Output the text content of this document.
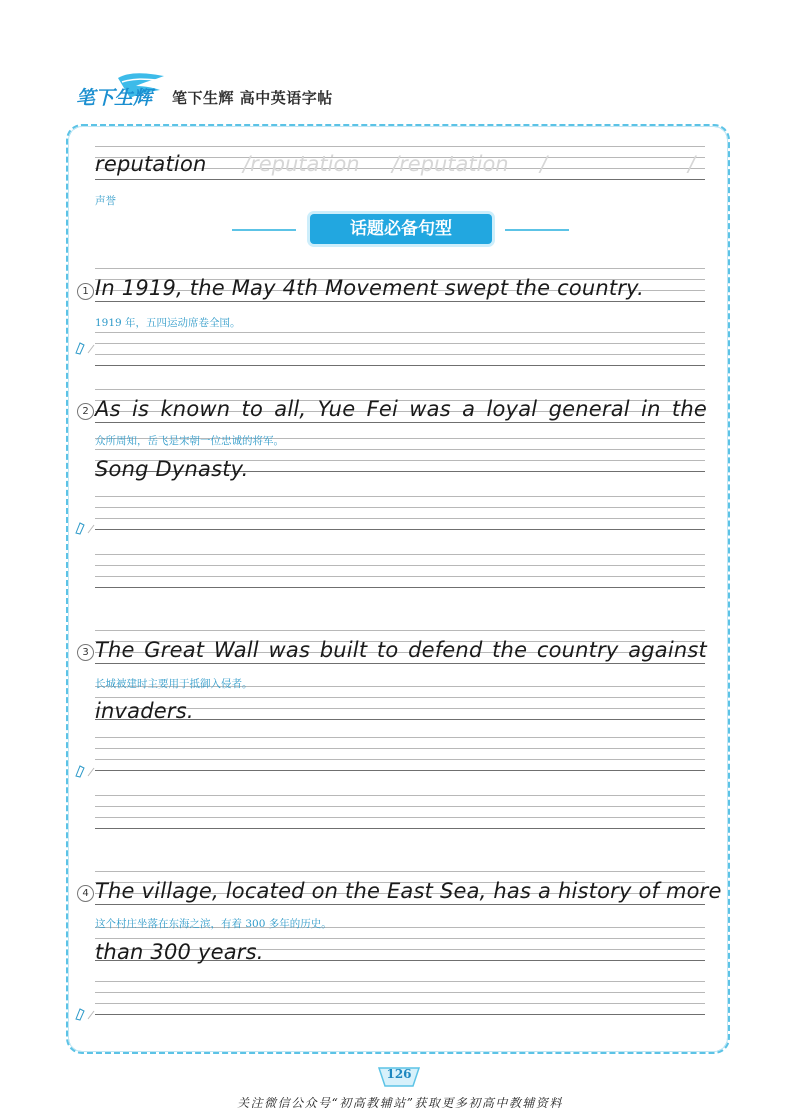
笔下生辉 笔下生辉 高中英语字帖
reputation	/reputation /reputation /	/
声誉
话题必备句型
1 In 1919, the May 4th Movement swept the country.
1919 年，五四运动席卷全国。
2 As is known to all, Yue Fei was a loyal general in the
众所周知，岳飞是宋朝一位忠诚的将军。
Song Dynasty.
3 The Great Wall was built to defend the country against
长城被建时主要用于抵御入侵者。
invaders.
4 The village, located on the East Sea, has a history of more
这个村庄坐落在东海之滨，有着 300 多年的历史。
than 300 years.
126
关注微信公众号“初高教辅站”获取更多初高中教辅资料
